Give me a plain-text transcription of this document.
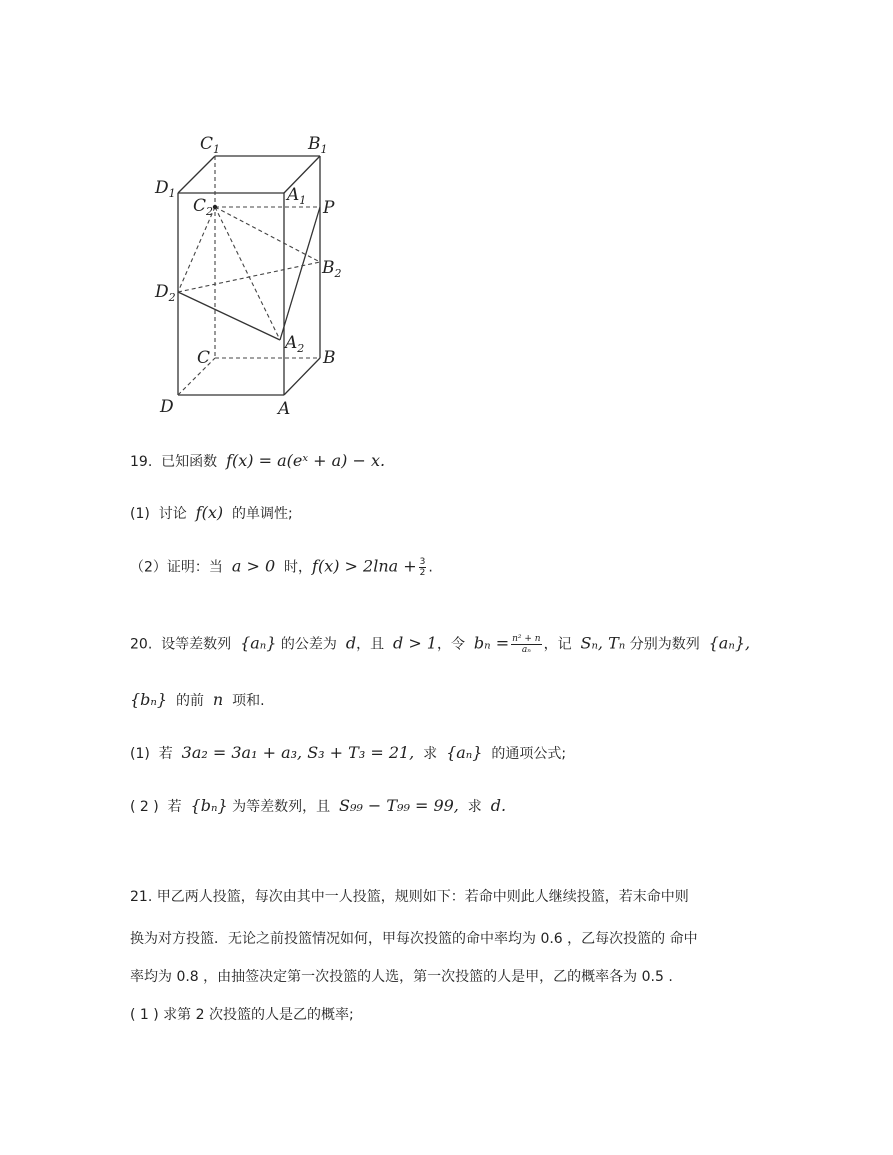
$C_1$	$B_1$
$D_1$	$A_1$
$C_2$	P
$B_2$
$D_2$
$A_2$
C	B
D	A
19. 已知函数 f(x) = a(eˣ + a) − x.
(1) 讨论 f(x) 的单调性;
（2）证明：当 a > 0 时，$f(x) > 2\ln a + \frac{3}{2}$ .
20. 设等差数列 {aₙ} 的公差为 d，且 d > 1，令 $b_n = \frac{\text{n² + n}}{\text{aₙ}}$ ，记 Sₙ, Tₙ 分别为数列 {aₙ},
{bₙ} 的前 n 项和.
(1) 若 3a₂ = 3a₁ + a₃, S₃ + T₃ = 21, 求 {aₙ} 的通项公式;
( 2 ) 若 {bₙ} 为等差数列，且 S₉₉ − T₉₉ = 99, 求 d.
21. 甲乙两人投篮，每次由其中一人投篮，规则如下：若命中则此人继续投篮，若末命中则
换为对方投篮．无论之前投篮情况如何，甲每次投篮的命中率均为 0.6 ，乙每次投篮的 命中
率均为 0.8 ，由抽签决定第一次投篮的人选，第一次投篮的人是甲，乙的概率各为 0.5 .
( 1 ) 求第 2 次投篮的人是乙的概率;
